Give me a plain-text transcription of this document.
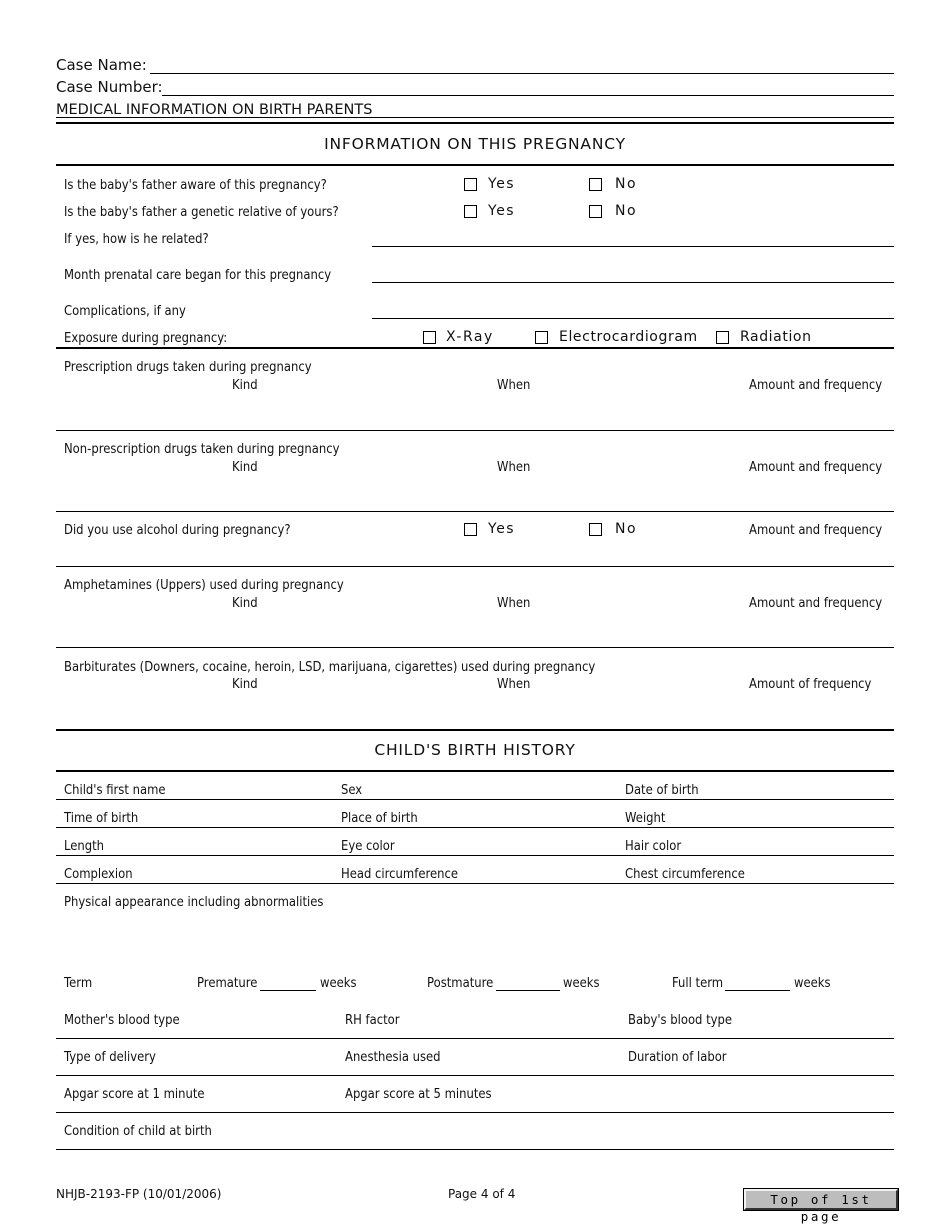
Case Name:
Case Number:
MEDICAL INFORMATION ON BIRTH PARENTS
INFORMATION ON THIS PREGNANCY
Is the baby's father aware of this pregnancy?	Yes	No
Is the baby's father a genetic relative of yours?	Yes	No
If yes, how is he related?
Month prenatal care began for this pregnancy
Complications, if any
Exposure during pregnancy:	X-Ray	Electrocardiogram	Radiation
Prescription drugs taken during pregnancy
Kind	When	Amount and frequency
Non-prescription drugs taken during pregnancy
Kind	When	Amount and frequency
Did you use alcohol during pregnancy?	Yes	No	Amount and frequency
Amphetamines (Uppers) used during pregnancy
Kind	When	Amount and frequency
Barbiturates (Downers, cocaine, heroin, LSD, marijuana, cigarettes) used during pregnancy
Kind	When	Amount of frequency
CHILD'S BIRTH HISTORY
Child's first name	Sex	Date of birth
Time of birth	Place of birth	Weight
Length	Eye color	Hair color
Complexion	Head circumference	Chest circumference
Physical appearance including abnormalities
Term	Premature	weeks	Postmature	weeks	Full term	weeks
Mother's blood type	RH factor	Baby's blood type
Type of delivery	Anesthesia used	Duration of labor
Apgar score at 1 minute	Apgar score at 5 minutes
Condition of child at birth
NHJB-2193-FP (10/01/2006)	Page 4 of 4	Top of 1st page
